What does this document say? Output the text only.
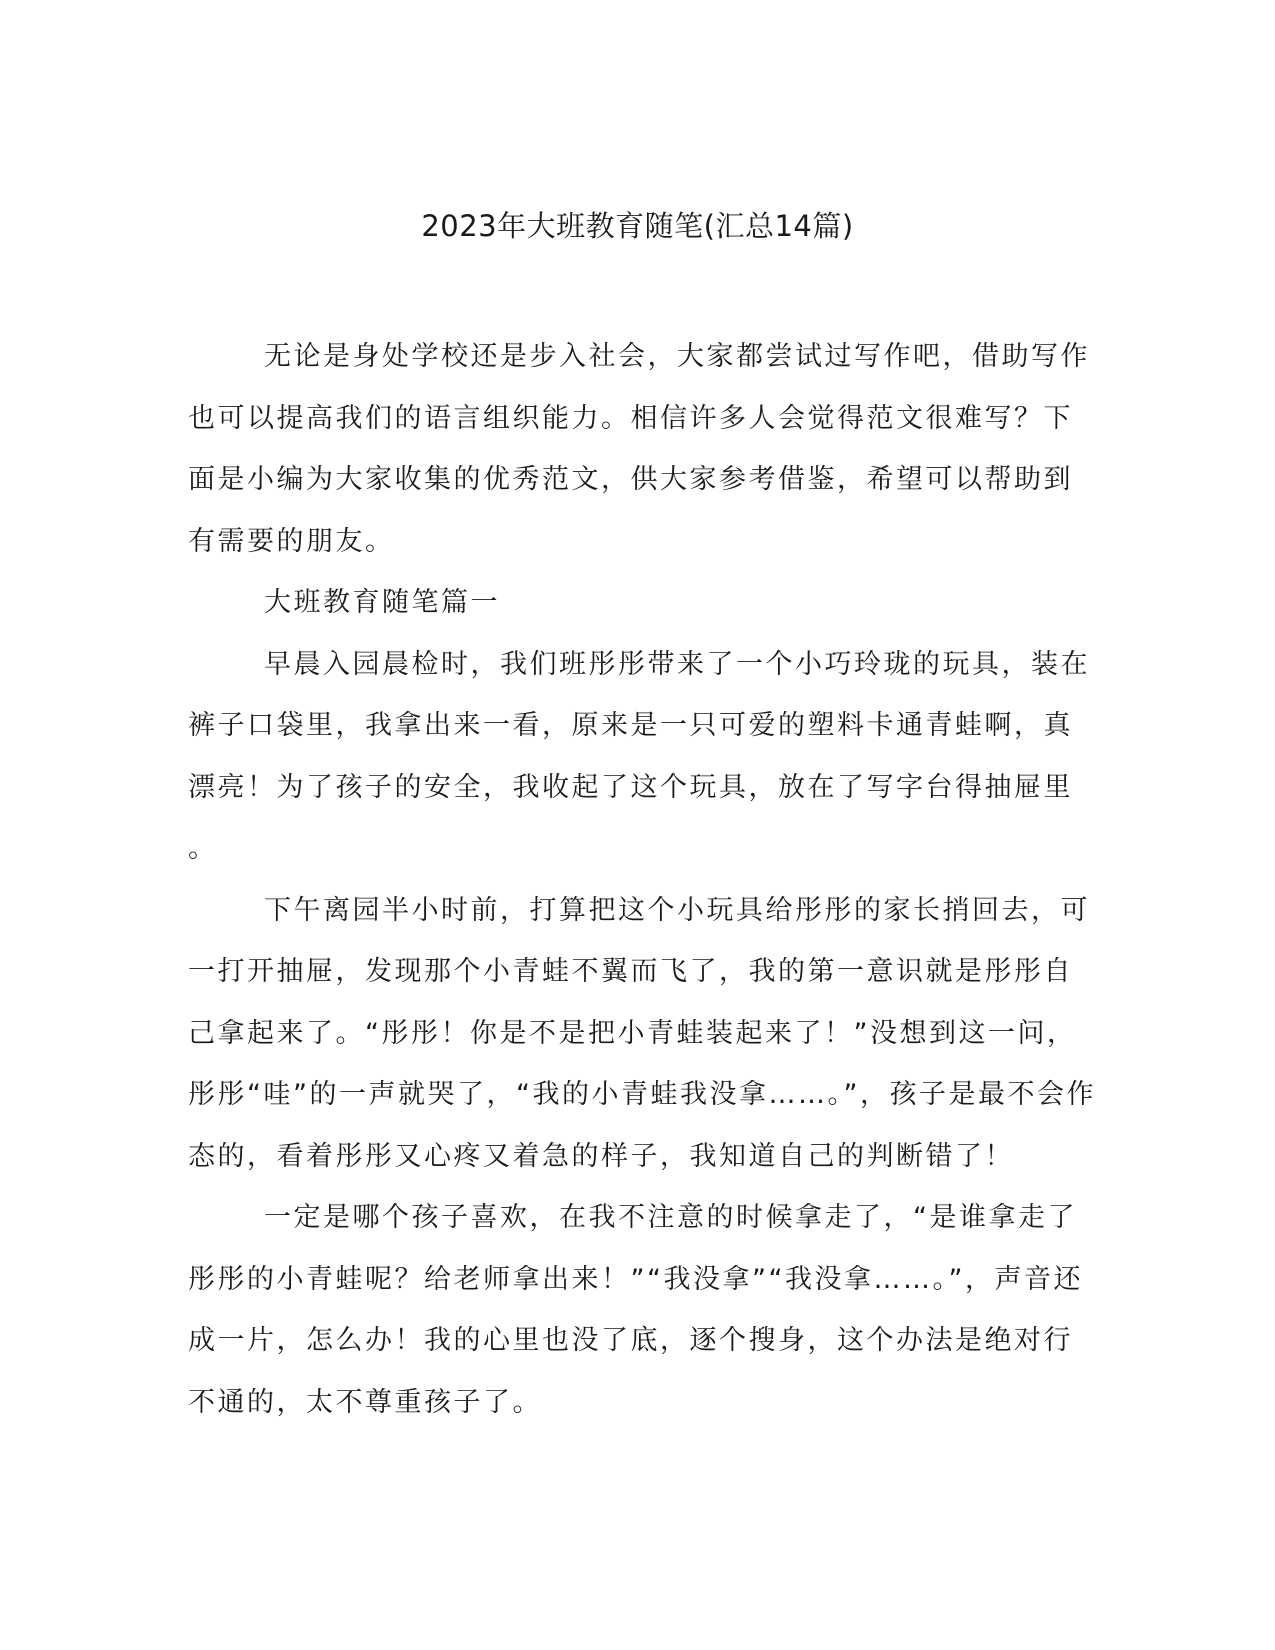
2023年大班教育随笔(汇总14篇)
无论是身处学校还是步入社会，大家都尝试过写作吧，借助写作
也可以提高我们的语言组织能力。相信许多人会觉得范文很难写？下
面是小编为大家收集的优秀范文，供大家参考借鉴，希望可以帮助到
有需要的朋友。
大班教育随笔篇一
早晨入园晨检时，我们班彤彤带来了一个小巧玲珑的玩具，装在
裤子口袋里，我拿出来一看，原来是一只可爱的塑料卡通青蛙啊，真
漂亮！为了孩子的安全，我收起了这个玩具，放在了写字台得抽屉里
。
下午离园半小时前，打算把这个小玩具给彤彤的家长捎回去，可
一打开抽屉，发现那个小青蛙不翼而飞了，我的第一意识就是彤彤自
己拿起来了。“彤彤！你是不是把小青蛙装起来了！”没想到这一问，
彤彤“哇”的一声就哭了，“我的小青蛙我没拿……。”，孩子是最不会作
态的，看着彤彤又心疼又着急的样子，我知道自己的判断错了！
一定是哪个孩子喜欢，在我不注意的时候拿走了，“是谁拿走了
彤彤的小青蛙呢？给老师拿出来！”“我没拿”“我没拿……。”，声音还
成一片，怎么办！我的心里也没了底，逐个搜身，这个办法是绝对行
不通的，太不尊重孩子了。
